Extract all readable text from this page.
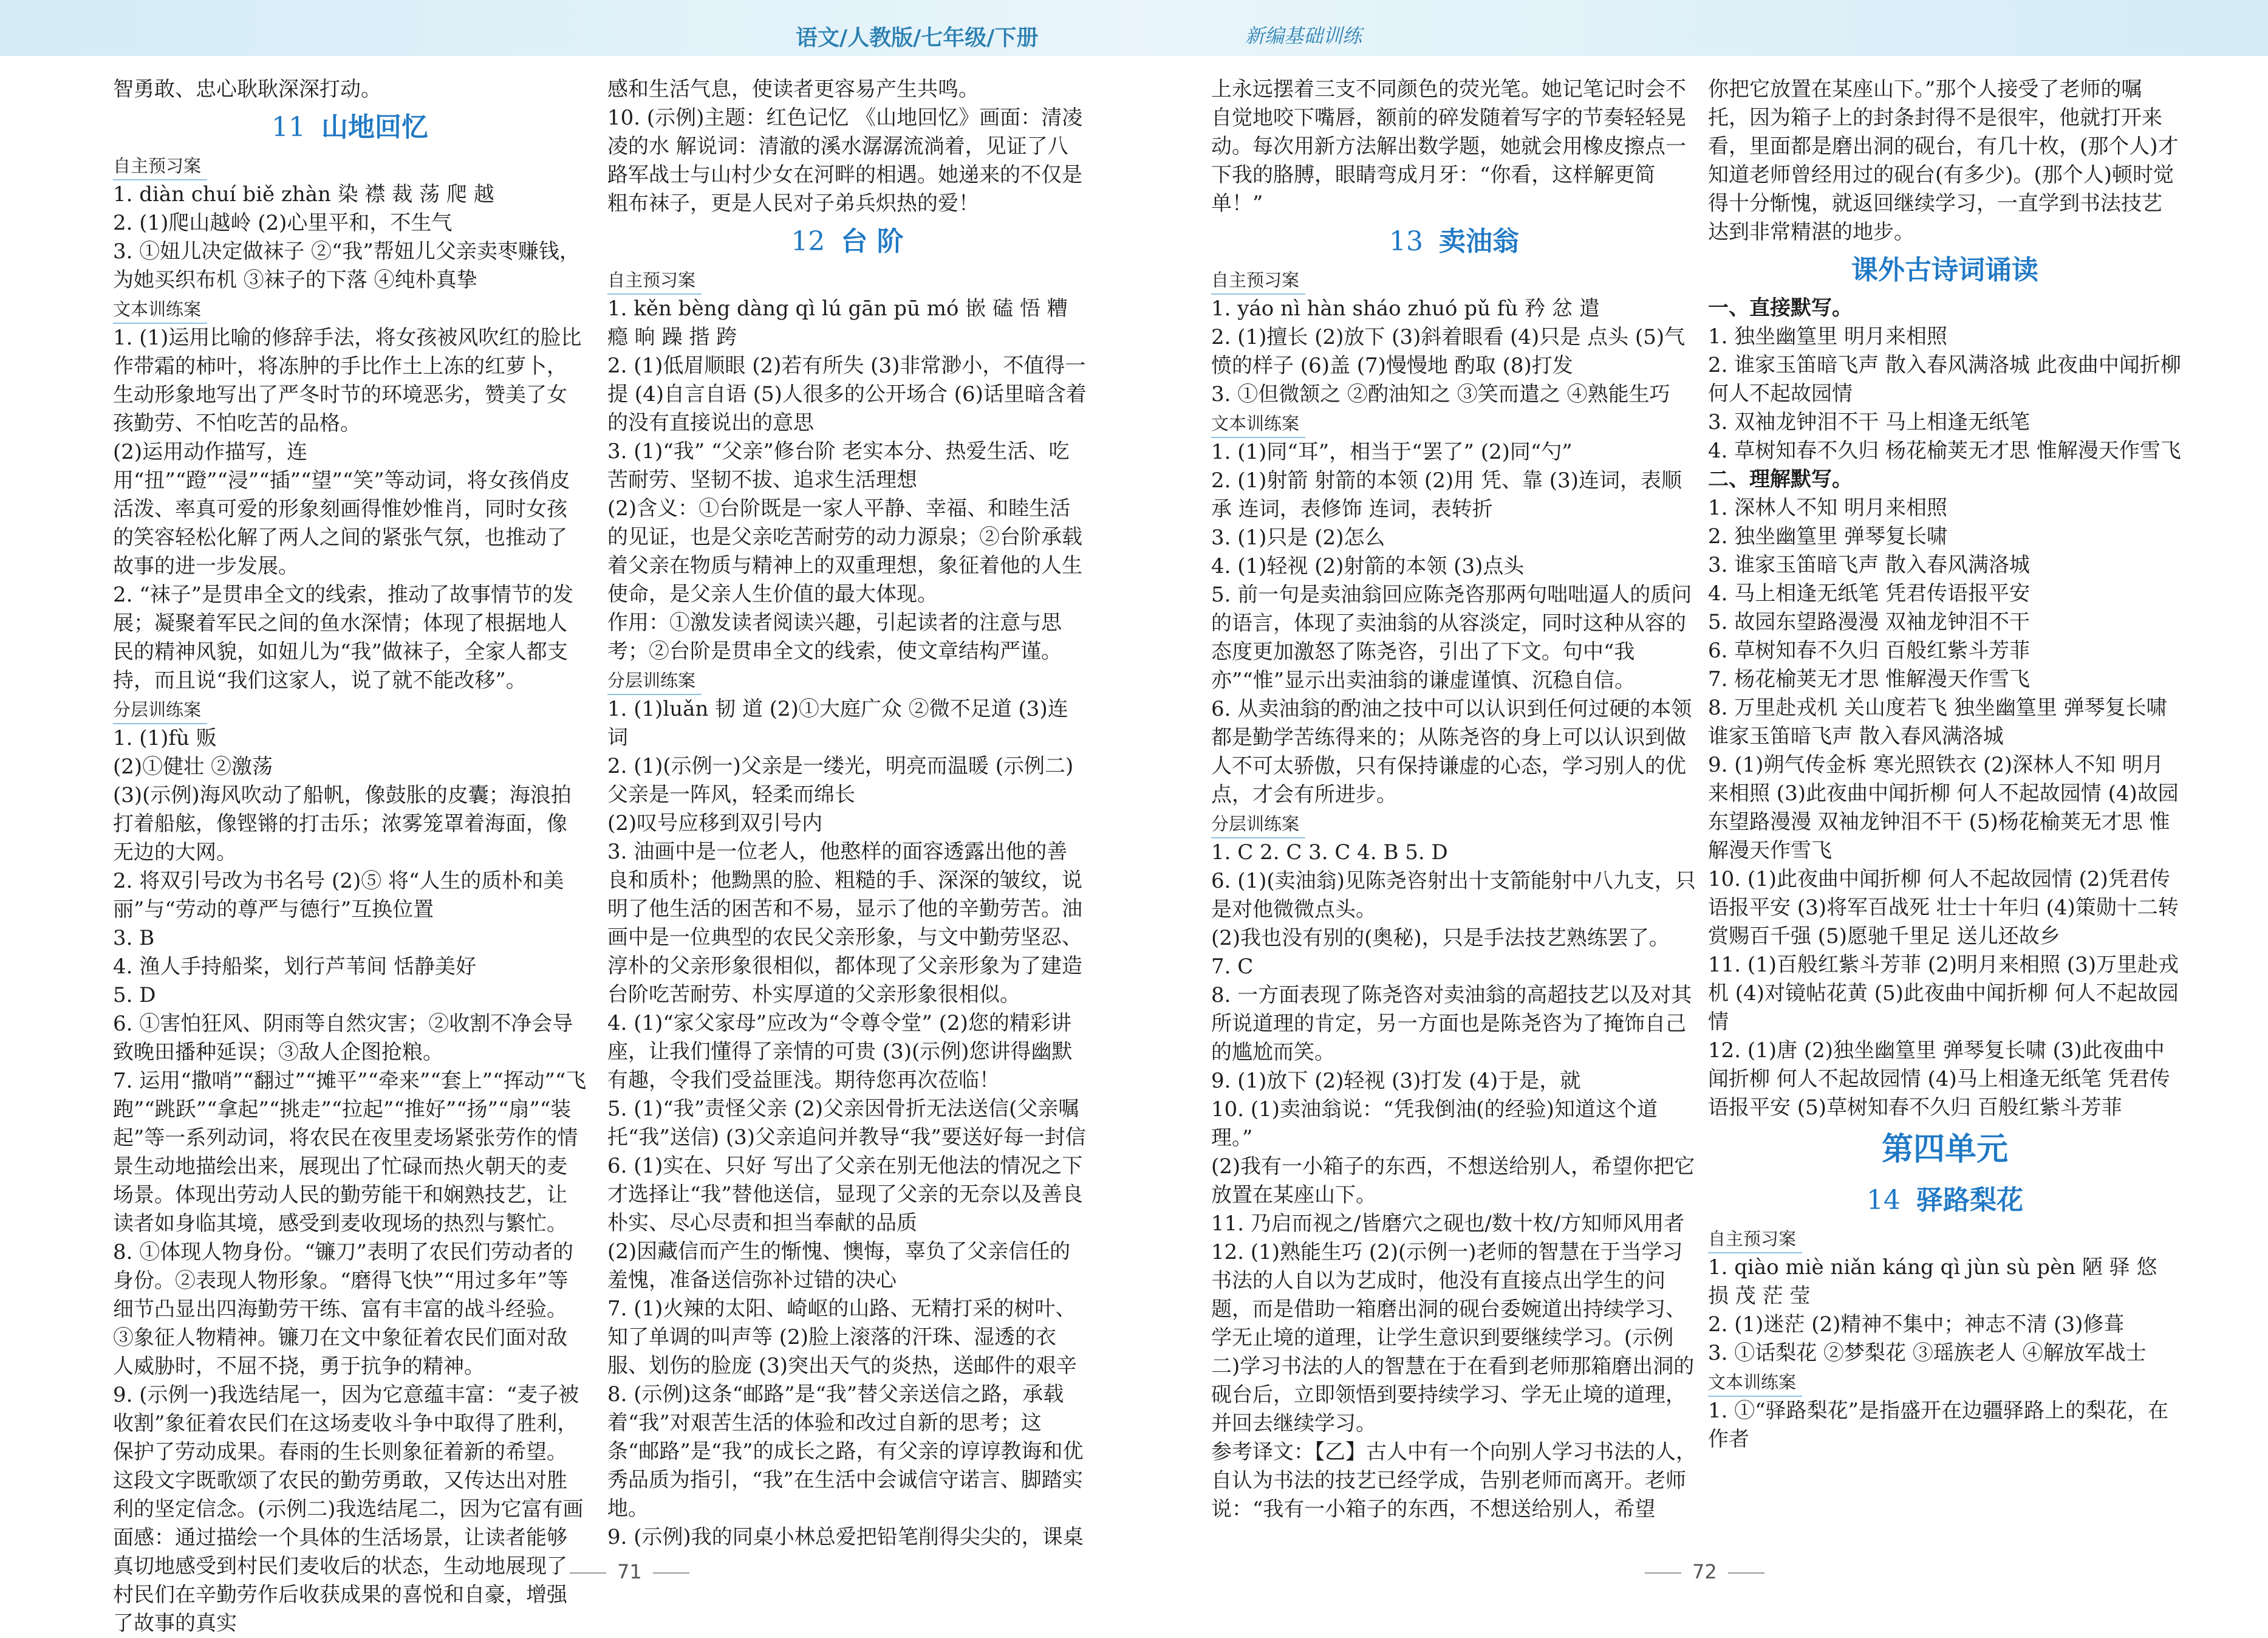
语文/人教版/七年级/下册	新编基础训练

智勇敢、忠心耿耿深深打动。

11 山地回忆
自主预习案

1. diàn chuí biě zhàn 染 襟 裁 荡 爬 越

2. (1)爬山越岭 (2)心里平和，不生气

3. ①妞儿决定做袜子 ②“我”帮妞儿父亲卖枣赚钱，为她买织布机 ③袜子的下落 ④纯朴真挚

文本训练案

1. (1)运用比喻的修辞手法，将女孩被风吹红的脸比作带霜的柿叶，将冻肿的手比作土上冻的红萝卜，生动形象地写出了严冬时节的环境恶劣，赞美了女孩勤劳、不怕吃苦的品格。

(2)运用动作描写，连用“扭”“蹬”“浸”“插”“望”“笑”等动词，将女孩俏皮活泼、率真可爱的形象刻画得惟妙惟肖，同时女孩的笑容轻松化解了两人之间的紧张气氛，也推动了故事的进一步发展。

2. “袜子”是贯串全文的线索，推动了故事情节的发展；凝聚着军民之间的鱼水深情；体现了根据地人民的精神风貌，如妞儿为“我”做袜子，全家人都支持，而且说“我们这家人，说了就不能改移”。

分层训练案

1. (1)fù 贩

(2)①健壮 ②激荡

(3)(示例)海风吹动了船帆，像鼓胀的皮囊；海浪拍打着船舷，像铿锵的打击乐；浓雾笼罩着海面，像无边的大网。

2. 将双引号改为书名号 (2)⑤ 将“人生的质朴和美丽”与“劳动的尊严与德行”互换位置

3. B

4. 渔人手持船桨，划行芦苇间 恬静美好

5. D

6. ①害怕狂风、阴雨等自然灾害；②收割不净会导致晚田播种延误；③敌人企图抢粮。

7. 运用“撒哨”“翻过”“摊平”“牵来”“套上”“挥动”“飞跑”“跳跃”“拿起”“挑走”“拉起”“推好”“扬”“扇”“装起”等一系列动词，将农民在夜里麦场紧张劳作的情景生动地描绘出来，展现出了忙碌而热火朝天的麦场景。体现出劳动人民的勤劳能干和娴熟技艺，让读者如身临其境，感受到麦收现场的热烈与繁忙。

8. ①体现人物身份。“镰刀”表明了农民们劳动者的身份。②表现人物形象。“磨得飞快”“用过多年”等细节凸显出四海勤劳干练、富有丰富的战斗经验。③象征人物精神。镰刀在文中象征着农民们面对敌人威胁时，不屈不挠，勇于抗争的精神。

9. (示例一)我选结尾一，因为它意蕴丰富：“麦子被收割”象征着农民们在这场麦收斗争中取得了胜利，保护了劳动成果。春雨的生长则象征着新的希望。这段文字既歌颂了农民的勤劳勇敢，又传达出对胜利的坚定信念。(示例二)我选结尾二，因为它富有画面感：通过描绘一个具体的生活场景，让读者能够真切地感受到村民们麦收后的状态，生动地展现了村民们在辛勤劳作后收获成果的喜悦和自豪，增强了故事的真实

感和生活气息，使读者更容易产生共鸣。

10. (示例)主题：红色记忆 《山地回忆》画面：清凌凌的水 解说词：清澈的溪水潺潺流淌着，见证了八路军战士与山村少女在河畔的相遇。她递来的不仅是粗布袜子，更是人民对子弟兵炽热的爱！

12 台 阶
自主预习案

1. kěn bèng dàng qì lú gān pū mó 嵌 磕 悟 糟 瘾 晌 躁 揩 跨

2. (1)低眉顺眼 (2)若有所失 (3)非常渺小，不值得一提 (4)自言自语 (5)人很多的公开场合 (6)话里暗含着的没有直接说出的意思

3. (1)“我” “父亲”修台阶 老实本分、热爱生活、吃苦耐劳、坚韧不拔、追求生活理想

(2)含义：①台阶既是一家人平静、幸福、和睦生活的见证，也是父亲吃苦耐劳的动力源泉；②台阶承载着父亲在物质与精神上的双重理想，象征着他的人生使命，是父亲人生价值的最大体现。

作用：①激发读者阅读兴趣，引起读者的注意与思考；②台阶是贯串全文的线索，使文章结构严谨。

分层训练案

1. (1)luǎn 韧 道 (2)①大庭广众 ②微不足道 (3)连词

2. (1)(示例一)父亲是一缕光，明亮而温暖 (示例二)父亲是一阵风，轻柔而绵长

(2)叹号应移到双引号内

3. 油画中是一位老人，他憨样的面容透露出他的善良和质朴；他黝黑的脸、粗糙的手、深深的皱纹，说明了他生活的困苦和不易，显示了他的辛勤劳苦。油画中是一位典型的农民父亲形象，与文中勤劳坚忍、淳朴的父亲形象很相似，都体现了父亲形象为了建造台阶吃苦耐劳、朴实厚道的父亲形象很相似。

4. (1)“家父家母”应改为“令尊令堂” (2)您的精彩讲座，让我们懂得了亲情的可贵 (3)(示例)您讲得幽默有趣，令我们受益匪浅。期待您再次莅临！

5. (1)“我”责怪父亲 (2)父亲因骨折无法送信(父亲嘱托“我”送信) (3)父亲追问并教导“我”要送好每一封信

6. (1)实在、只好 写出了父亲在别无他法的情况之下才选择让“我”替他送信，显现了父亲的无奈以及善良朴实、尽心尽责和担当奉献的品质

(2)因藏信而产生的惭愧、懊悔，辜负了父亲信任的羞愧，准备送信弥补过错的决心

7. (1)火辣的太阳、崎岖的山路、无精打采的树叶、知了单调的叫声等 (2)脸上滚落的汗珠、湿透的衣服、划伤的脸庞 (3)突出天气的炎热，送邮件的艰辛

8. (示例)这条“邮路”是“我”替父亲送信之路，承载着“我”对艰苦生活的体验和改过自新的思考；这条“邮路”是“我”的成长之路，有父亲的谆谆教诲和优秀品质为指引，“我”在生活中会诚信守诺言、脚踏实地。

9. (示例)我的同桌小林总爱把铅笔削得尖尖的，课桌

上永远摆着三支不同颜色的荧光笔。她记笔记时会不自觉地咬下嘴唇，额前的碎发随着写字的节奏轻轻晃动。每次用新方法解出数学题，她就会用橡皮擦点一下我的胳膊，眼睛弯成月牙：“你看，这样解更简单！”

13 卖油翁
自主预习案

1. yáo nì hàn sháo zhuó pǔ fù 矜 忿 遣

2. (1)擅长 (2)放下 (3)斜着眼看 (4)只是 点头 (5)气愤的样子 (6)盖 (7)慢慢地 酌取 (8)打发

3. ①但微颔之 ②酌油知之 ③笑而遣之 ④熟能生巧

文本训练案

1. (1)同“耳”，相当于“罢了” (2)同“勺”

2. (1)射箭 射箭的本领 (2)用 凭、靠 (3)连词，表顺承 连词，表修饰 连词，表转折

3. (1)只是 (2)怎么

4. (1)轻视 (2)射箭的本领 (3)点头

5. 前一句是卖油翁回应陈尧咨那两句咄咄逼人的质问的语言，体现了卖油翁的从容淡定，同时这种从容的态度更加激怒了陈尧咨，引出了下文。句中“我亦”“惟”显示出卖油翁的谦虚谨慎、沉稳自信。

6. 从卖油翁的酌油之技中可以认识到任何过硬的本领都是勤学苦练得来的；从陈尧咨的身上可以认识到做人不可太骄傲，只有保持谦虚的心态，学习别人的优点，才会有所进步。

分层训练案

1. C 2. C 3. C 4. B 5. D

6. (1)(卖油翁)见陈尧咨射出十支箭能射中八九支，只是对他微微点头。

(2)我也没有别的(奥秘)，只是手法技艺熟练罢了。

7. C

8. 一方面表现了陈尧咨对卖油翁的高超技艺以及对其所说道理的肯定，另一方面也是陈尧咨为了掩饰自己的尴尬而笑。

9. (1)放下 (2)轻视 (3)打发 (4)于是，就

10. (1)卖油翁说：“凭我倒油(的经验)知道这个道理。”

(2)我有一小箱子的东西，不想送给别人，希望你把它放置在某座山下。

11. 乃启而视之/皆磨穴之砚也/数十枚/方知师风用者

12. (1)熟能生巧 (2)(示例一)老师的智慧在于当学习书法的人自以为艺成时，他没有直接点出学生的问题，而是借助一箱磨出洞的砚台委婉道出持续学习、学无止境的道理，让学生意识到要继续学习。(示例二)学习书法的人的智慧在于在看到老师那箱磨出洞的砚台后，立即领悟到要持续学习、学无止境的道理，并回去继续学习。

参考译文：【乙】古人中有一个向别人学习书法的人，自认为书法的技艺已经学成，告别老师而离开。老师说：“我有一小箱子的东西，不想送给别人，希望

你把它放置在某座山下。”那个人接受了老师的嘱托，因为箱子上的封条封得不是很牢，他就打开来看，里面都是磨出洞的砚台，有几十枚，(那个人)才知道老师曾经用过的砚台(有多少)。(那个人)顿时觉得十分惭愧，就返回继续学习，一直学到书法技艺达到非常精湛的地步。

课外古诗词诵读

一、直接默写。

1. 独坐幽篁里 明月来相照

2. 谁家玉笛暗飞声 散入春风满洛城 此夜曲中闻折柳 何人不起故园情

3. 双袖龙钟泪不干 马上相逢无纸笔

4. 草树知春不久归 杨花榆荚无才思 惟解漫天作雪飞

二、理解默写。

1. 深林人不知 明月来相照

2. 独坐幽篁里 弹琴复长啸

3. 谁家玉笛暗飞声 散入春风满洛城

4. 马上相逢无纸笔 凭君传语报平安

5. 故园东望路漫漫 双袖龙钟泪不干

6. 草树知春不久归 百般红紫斗芳菲

7. 杨花榆荚无才思 惟解漫天作雪飞

8. 万里赴戎机 关山度若飞 独坐幽篁里 弹琴复长啸 谁家玉笛暗飞声 散入春风满洛城

9. (1)朔气传金柝 寒光照铁衣 (2)深林人不知 明月来相照 (3)此夜曲中闻折柳 何人不起故园情 (4)故园东望路漫漫 双袖龙钟泪不干 (5)杨花榆荚无才思 惟解漫天作雪飞

10. (1)此夜曲中闻折柳 何人不起故园情 (2)凭君传语报平安 (3)将军百战死 壮士十年归 (4)策勋十二转 赏赐百千强 (5)愿驰千里足 送儿还故乡

11. (1)百般红紫斗芳菲 (2)明月来相照 (3)万里赴戎机 (4)对镜帖花黄 (5)此夜曲中闻折柳 何人不起故园情

12. (1)唐 (2)独坐幽篁里 弹琴复长啸 (3)此夜曲中闻折柳 何人不起故园情 (4)马上相逢无纸笔 凭君传语报平安 (5)草树知春不久归 百般红紫斗芳菲

第四单元
14 驿路梨花
自主预习案

1. qiào miè niǎn káng qì jùn sù pèn 陋 驿 悠 损 茂 茫 莹

2. (1)迷茫 (2)精神不集中；神志不清 (3)修葺

3. ①话梨花 ②梦梨花 ③瑶族老人 ④解放军战士

文本训练案

1. ①“驿路梨花”是指盛开在边疆驿路上的梨花，在作者

71	72
